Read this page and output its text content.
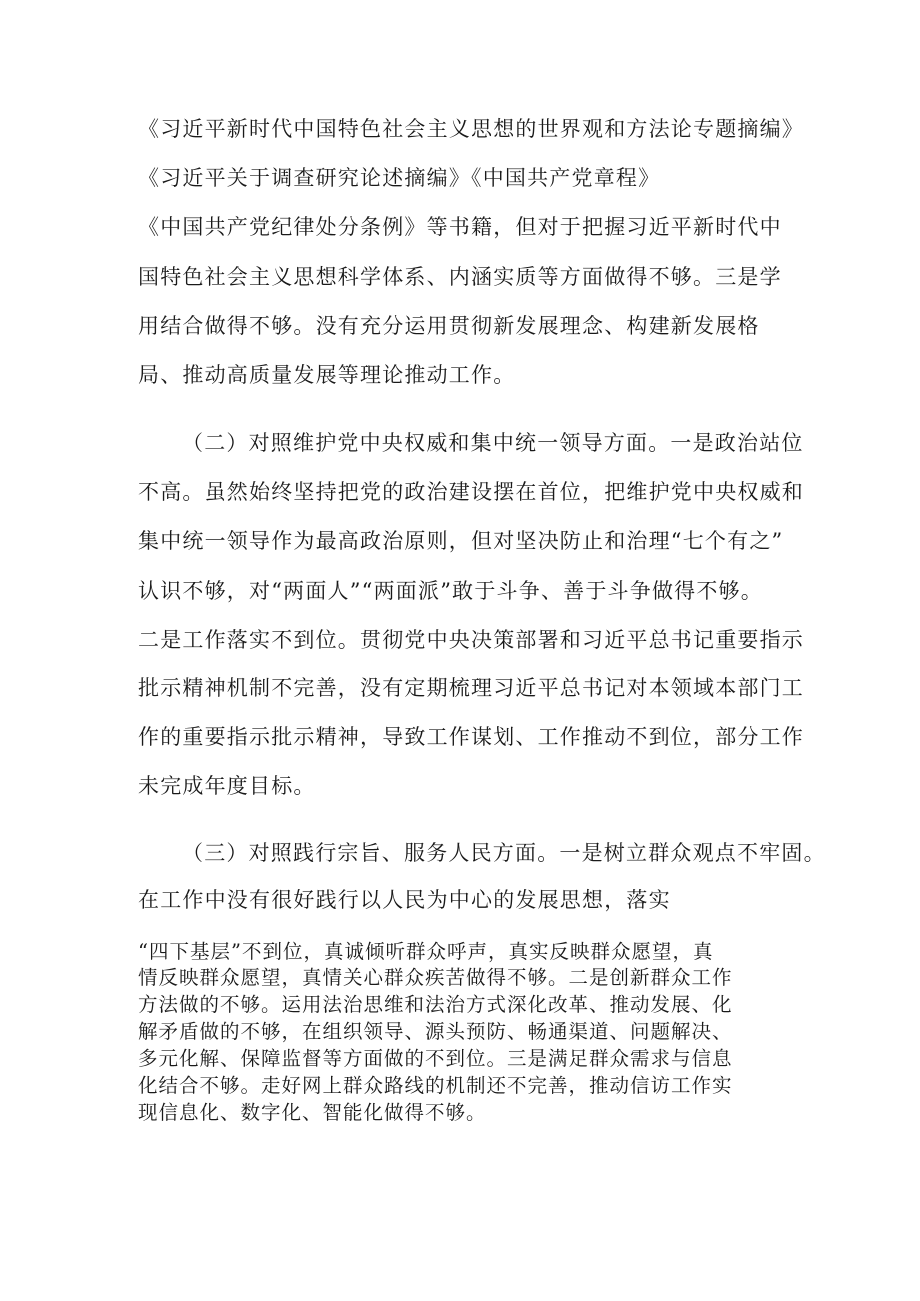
《习近平新时代中国特色社会主义思想的世界观和方法论专题摘编》
《习近平关于调查研究论述摘编》《中国共产党章程》
《中国共产党纪律处分条例》等书籍，但对于把握习近平新时代中
国特色社会主义思想科学体系、内涵实质等方面做得不够。三是学
用结合做得不够。没有充分运用贯彻新发展理念、构建新发展格
局、推动高质量发展等理论推动工作。
（二）对照维护党中央权威和集中统一领导方面。一是政治站位
不高。虽然始终坚持把党的政治建设摆在首位，把维护党中央权威和
集中统一领导作为最高政治原则，但对坚决防止和治理“七个有之”
认识不够，对“两面人”“两面派”敢于斗争、善于斗争做得不够。
二是工作落实不到位。贯彻党中央决策部署和习近平总书记重要指示
批示精神机制不完善，没有定期梳理习近平总书记对本领域本部门工
作的重要指示批示精神，导致工作谋划、工作推动不到位，部分工作
未完成年度目标。
（三）对照践行宗旨、服务人民方面。一是树立群众观点不牢固。
在工作中没有很好践行以人民为中心的发展思想，落实
“四下基层”不到位，真诚倾听群众呼声，真实反映群众愿望，真
情反映群众愿望，真情关心群众疾苦做得不够。二是创新群众工作
方法做的不够。运用法治思维和法治方式深化改革、推动发展、化
解矛盾做的不够，在组织领导、源头预防、畅通渠道、问题解决、
多元化解、保障监督等方面做的不到位。三是满足群众需求与信息
化结合不够。走好网上群众路线的机制还不完善，推动信访工作实
现信息化、数字化、智能化做得不够。
